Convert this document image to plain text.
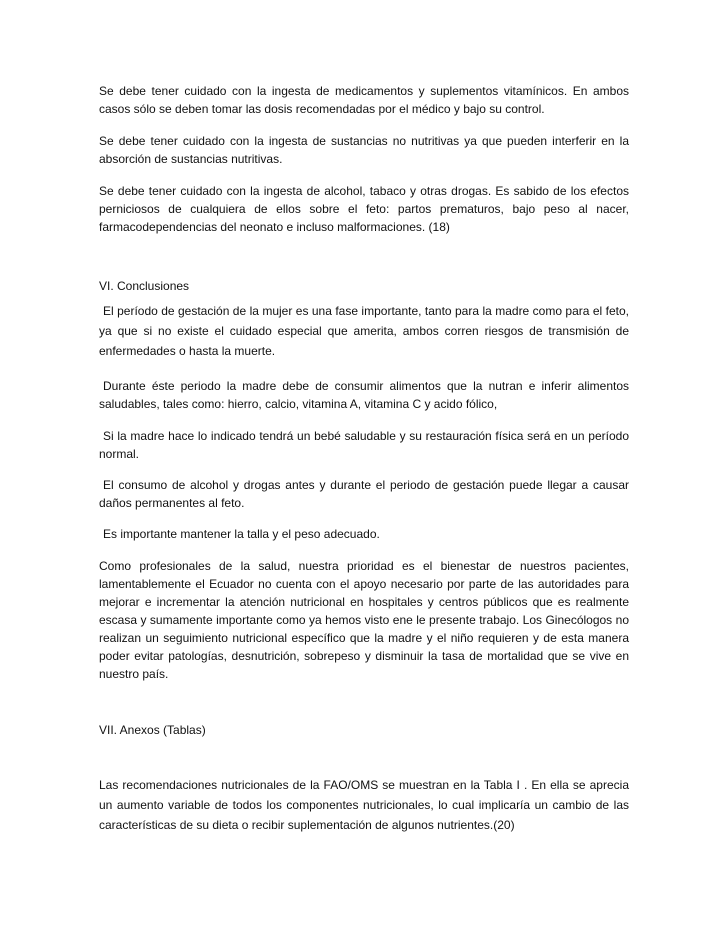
Se debe tener cuidado con la ingesta de medicamentos y suplementos vitamínicos. En ambos casos sólo se deben tomar las dosis recomendadas por el médico y bajo su control.

Se debe tener cuidado con la ingesta de sustancias no nutritivas ya que pueden interferir en la absorción de sustancias nutritivas.

Se debe tener cuidado con la ingesta de alcohol, tabaco y otras drogas. Es sabido de los efectos perniciosos de cualquiera de ellos sobre el feto: partos prematuros, bajo peso al nacer, farmacodependencias del neonato e incluso malformaciones. (18)

VI. Conclusiones

El período de gestación de la mujer es una fase importante, tanto para la madre como para el feto, ya que si no existe el cuidado especial que amerita, ambos corren riesgos de transmisión de enfermedades o hasta la muerte.

Durante éste periodo la madre debe de consumir alimentos que la nutran e inferir alimentos saludables, tales como: hierro, calcio, vitamina A, vitamina C y acido fólico,

Si la madre hace lo indicado tendrá un bebé saludable y su restauración física será en un período normal.

El consumo de alcohol y drogas antes y durante el periodo de gestación puede llegar a causar daños permanentes al feto.

Es importante mantener la talla y el peso adecuado.

Como profesionales de la salud, nuestra prioridad es el bienestar de nuestros pacientes, lamentablemente el Ecuador no cuenta con el apoyo necesario por parte de las autoridades para mejorar e incrementar la atención nutricional en hospitales y centros públicos que es realmente escasa y sumamente importante como ya hemos visto ene le presente trabajo. Los Ginecólogos no realizan un seguimiento nutricional específico que la madre y el niño requieren y de esta manera poder evitar patologías, desnutrición, sobrepeso y disminuir la tasa de mortalidad que se vive en nuestro país.

VII. Anexos (Tablas)

Las recomendaciones nutricionales de la FAO/OMS se muestran en la Tabla I . En ella se aprecia un aumento variable de todos los componentes nutricionales, lo cual implicaría un cambio de las características de su dieta o recibir suplementación de algunos nutrientes.(20)
